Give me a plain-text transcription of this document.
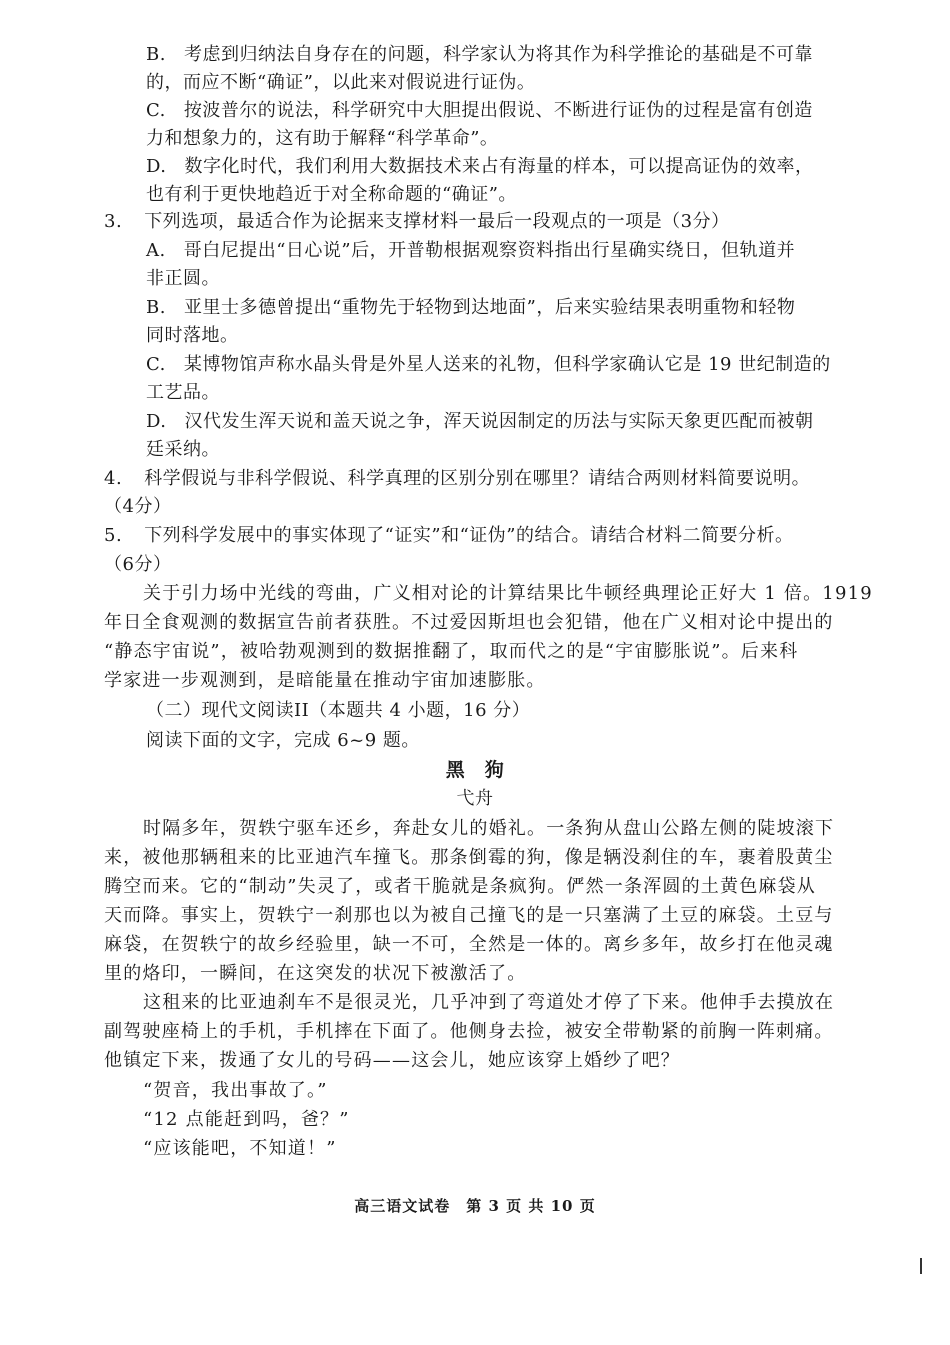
B. 考虑到归纳法自身存在的问题，科学家认为将其作为科学推论的基础是不可靠
的，而应不断“确证”，以此来对假说进行证伪。
C. 按波普尔的说法，科学研究中大胆提出假说、不断进行证伪的过程是富有创造
力和想象力的，这有助于解释“科学革命”。
D. 数字化时代，我们利用大数据技术来占有海量的样本，可以提高证伪的效率，
也有利于更快地趋近于对全称命题的“确证”。
3. 下列选项，最适合作为论据来支撑材料一最后一段观点的一项是（3分）
A. 哥白尼提出“日心说”后，开普勒根据观察资料指出行星确实绕日，但轨道并
非正圆。
B. 亚里士多德曾提出“重物先于轻物到达地面”，后来实验结果表明重物和轻物
同时落地。
C. 某博物馆声称水晶头骨是外星人送来的礼物，但科学家确认它是 19 世纪制造的
工艺品。
D. 汉代发生浑天说和盖天说之争，浑天说因制定的历法与实际天象更匹配而被朝
廷采纳。
4. 科学假说与非科学假说、科学真理的区别分别在哪里？请结合两则材料简要说明。
（4分）
5. 下列科学发展中的事实体现了“证实”和“证伪”的结合。请结合材料二简要分析。
（6分）
关于引力场中光线的弯曲，广义相对论的计算结果比牛顿经典理论正好大 1 倍。1919
年日全食观测的数据宣告前者获胜。不过爱因斯坦也会犯错，他在广义相对论中提出的
“静态宇宙说”，被哈勃观测到的数据推翻了，取而代之的是“宇宙膨胀说”。后来科
学家进一步观测到，是暗能量在推动宇宙加速膨胀。
（二）现代文阅读II（本题共 4 小题，16 分）
阅读下面的文字，完成 6~9 题。
黑　狗
弋舟
时隔多年，贺轶宁驱车还乡，奔赴女儿的婚礼。一条狗从盘山公路左侧的陡坡滚下
来，被他那辆租来的比亚迪汽车撞飞。那条倒霉的狗，像是辆没刹住的车，裹着股黄尘
腾空而来。它的“制动”失灵了，或者干脆就是条疯狗。俨然一条浑圆的土黄色麻袋从
天而降。事实上，贺轶宁一刹那也以为被自己撞飞的是一只塞满了土豆的麻袋。土豆与
麻袋，在贺轶宁的故乡经验里，缺一不可，全然是一体的。离乡多年，故乡打在他灵魂
里的烙印，一瞬间，在这突发的状况下被激活了。
这租来的比亚迪刹车不是很灵光，几乎冲到了弯道处才停了下来。他伸手去摸放在
副驾驶座椅上的手机，手机摔在下面了。他侧身去捡，被安全带勒紧的前胸一阵刺痛。
他镇定下来，拨通了女儿的号码——这会儿，她应该穿上婚纱了吧？
“贺音，我出事故了。”
“12 点能赶到吗，爸？”
“应该能吧，不知道！”
高三语文试卷　第 3 页 共 10 页
